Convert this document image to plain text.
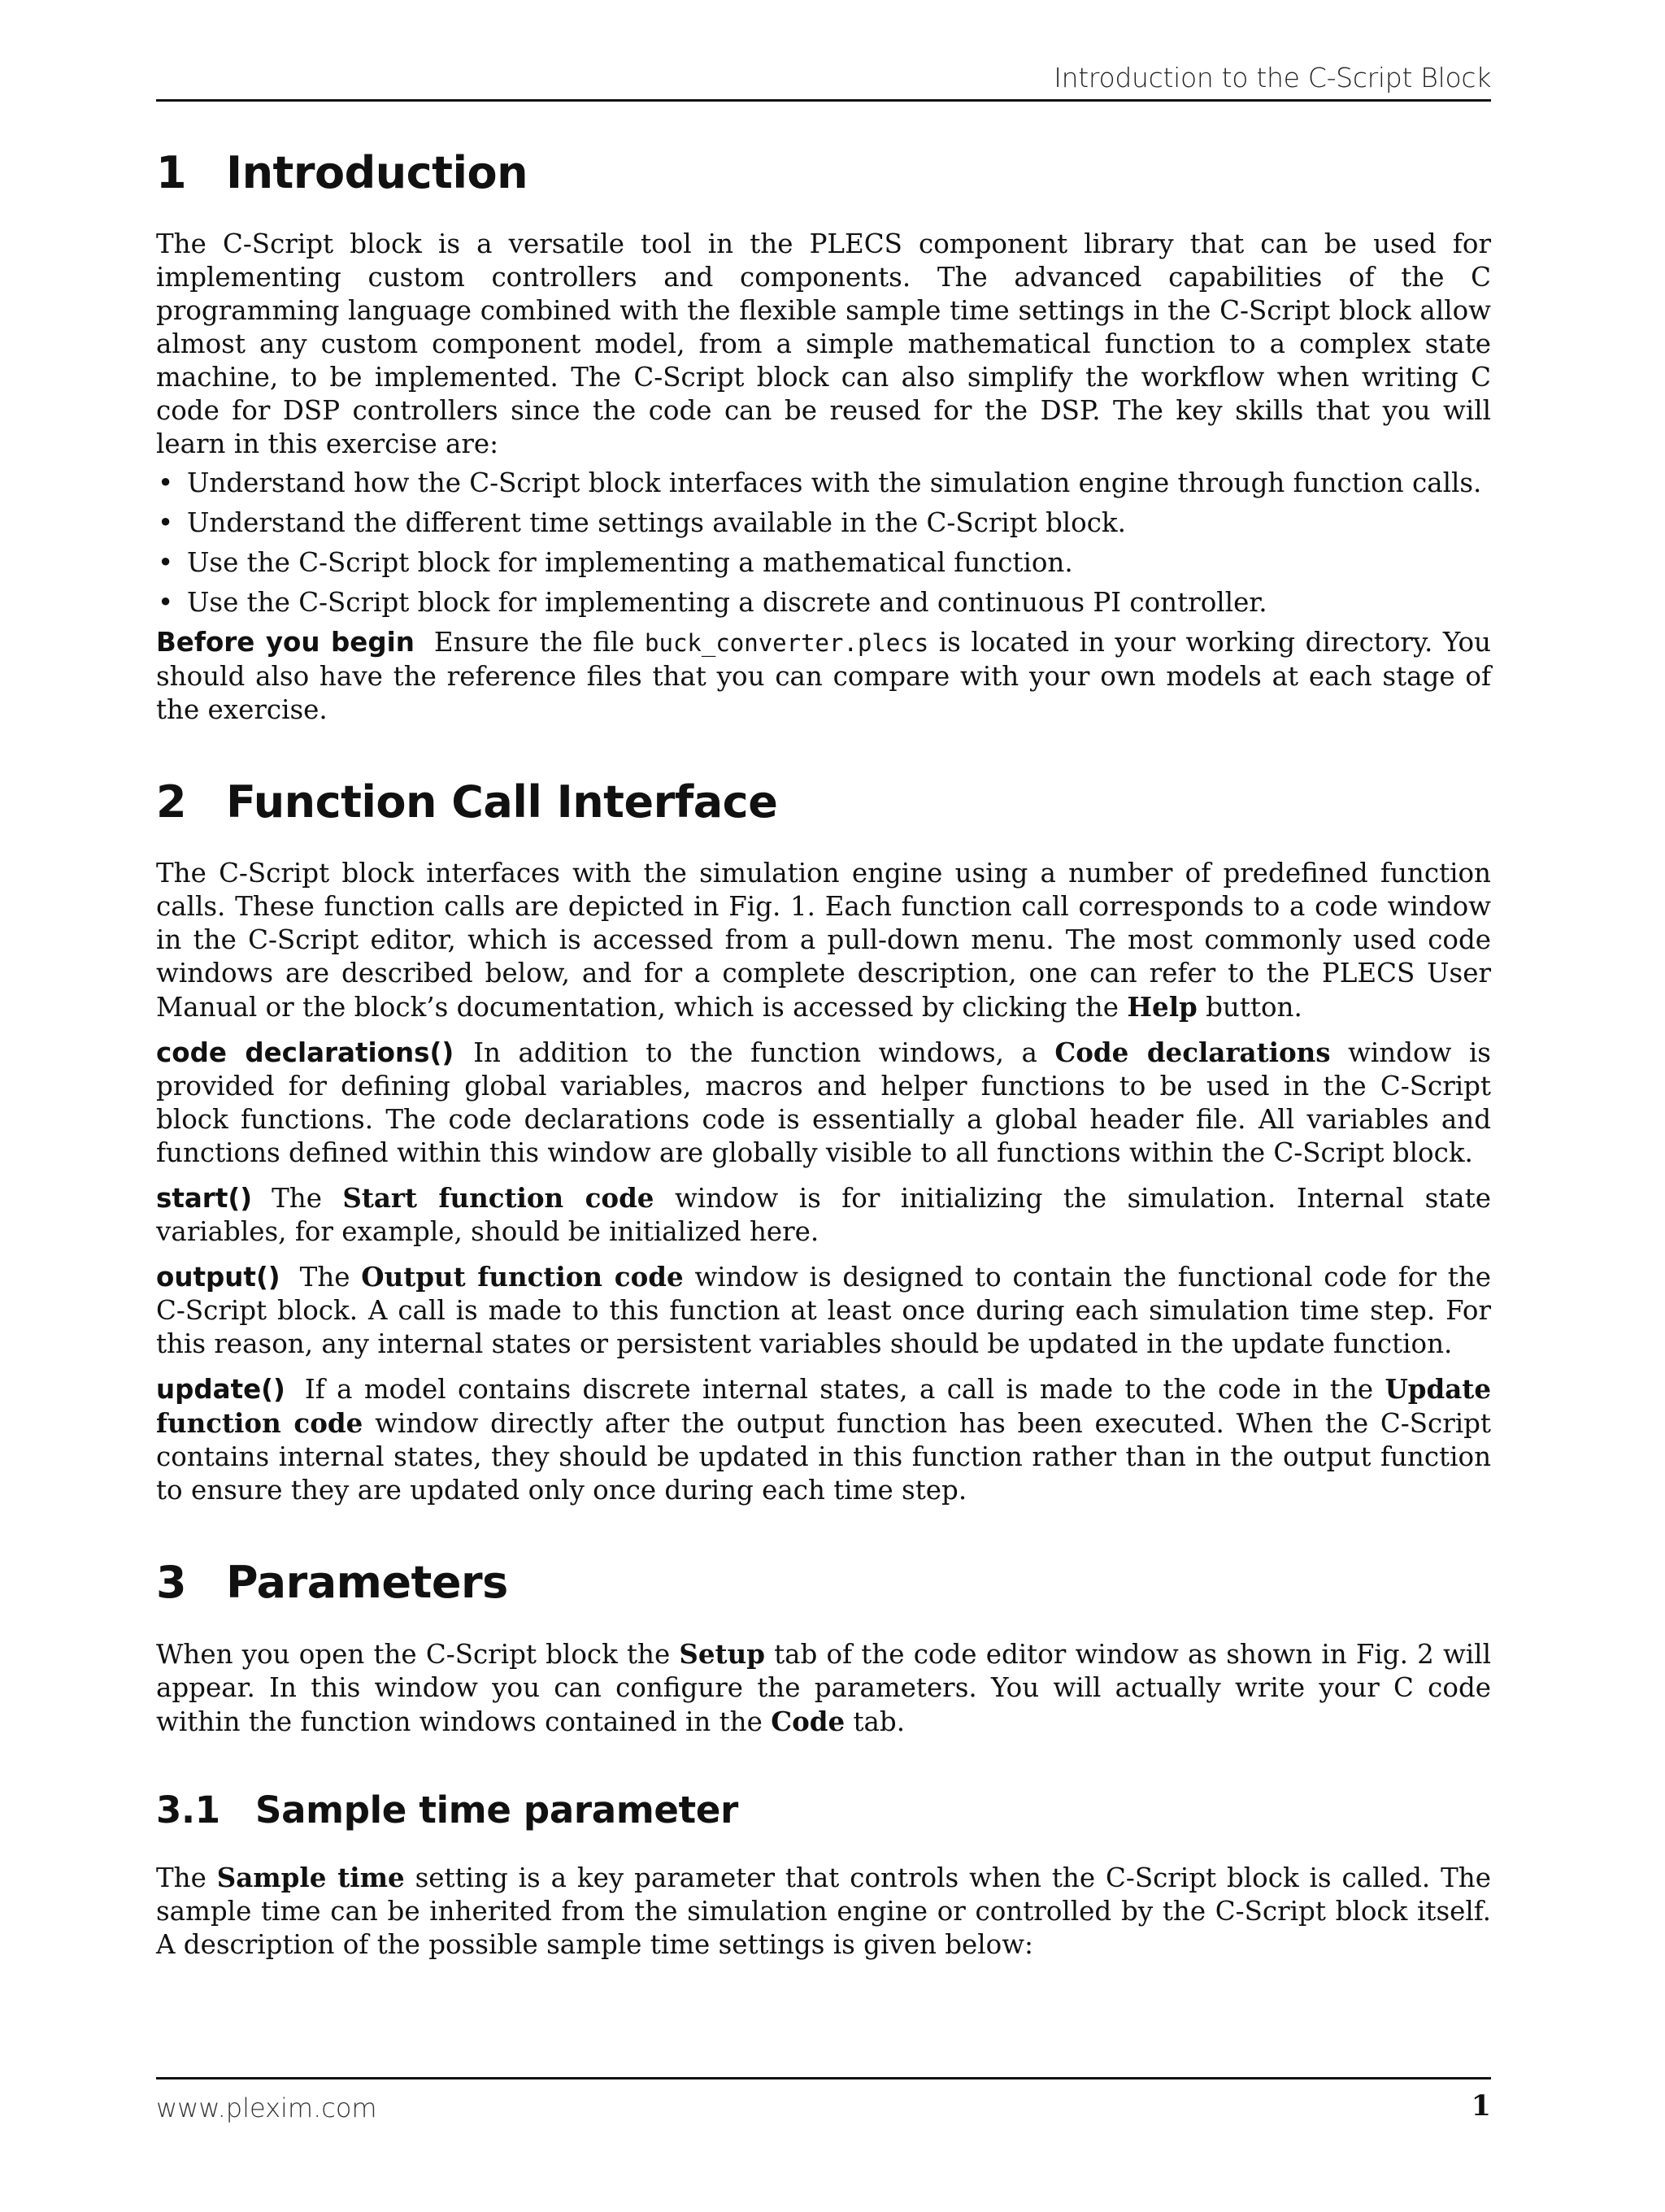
Introduction to the C-Script Block
1 Introduction

The C-Script block is a versatile tool in the PLECS component library that can be used for implementing custom controllers and components. The advanced capabilities of the C programming language combined with the flexible sample time settings in the C-Script block allow almost any custom component model, from a simple mathematical function to a complex state machine, to be implemented. The C-Script block can also simplify the workflow when writing C code for DSP controllers since the code can be reused for the DSP. The key skills that you will learn in this exercise are:

• Understand how the C-Script block interfaces with the simulation engine through function calls.
• Understand the different time settings available in the C-Script block.
• Use the C-Script block for implementing a mathematical function.
• Use the C-Script block for implementing a discrete and continuous PI controller.

Before you begin Ensure the file buck_converter.plecs is located in your working directory. You should also have the reference files that you can compare with your own models at each stage of the exercise.

2 Function Call Interface

The C-Script block interfaces with the simulation engine using a number of predefined function calls. These function calls are depicted in Fig. 1. Each function call corresponds to a code window in the C-Script editor, which is accessed from a pull-down menu. The most commonly used code windows are described below, and for a complete description, one can refer to the PLECS User Manual or the block’s documentation, which is accessed by clicking the Help button.

code declarations() In addition to the function windows, a Code declarations window is provided for defining global variables, macros and helper functions to be used in the C-Script block functions. The code declarations code is essentially a global header file. All variables and functions defined within this window are globally visible to all functions within the C-Script block.

start() The Start function code window is for initializing the simulation. Internal state variables, for example, should be initialized here.

output() The Output function code window is designed to contain the functional code for the C-Script block. A call is made to this function at least once during each simulation time step. For this reason, any internal states or persistent variables should be updated in the update function.

update() If a model contains discrete internal states, a call is made to the code in the Update function code window directly after the output function has been executed. When the C-Script contains internal states, they should be updated in this function rather than in the output function to ensure they are updated only once during each time step.

3 Parameters

When you open the C-Script block the Setup tab of the code editor window as shown in Fig. 2 will appear. In this window you can configure the parameters. You will actually write your C code within the function windows contained in the Code tab.

3.1 Sample time parameter

The Sample time setting is a key parameter that controls when the C-Script block is called. The sample time can be inherited from the simulation engine or controlled by the C-Script block itself. A description of the possible sample time settings is given below:

www.plexim.com	1
